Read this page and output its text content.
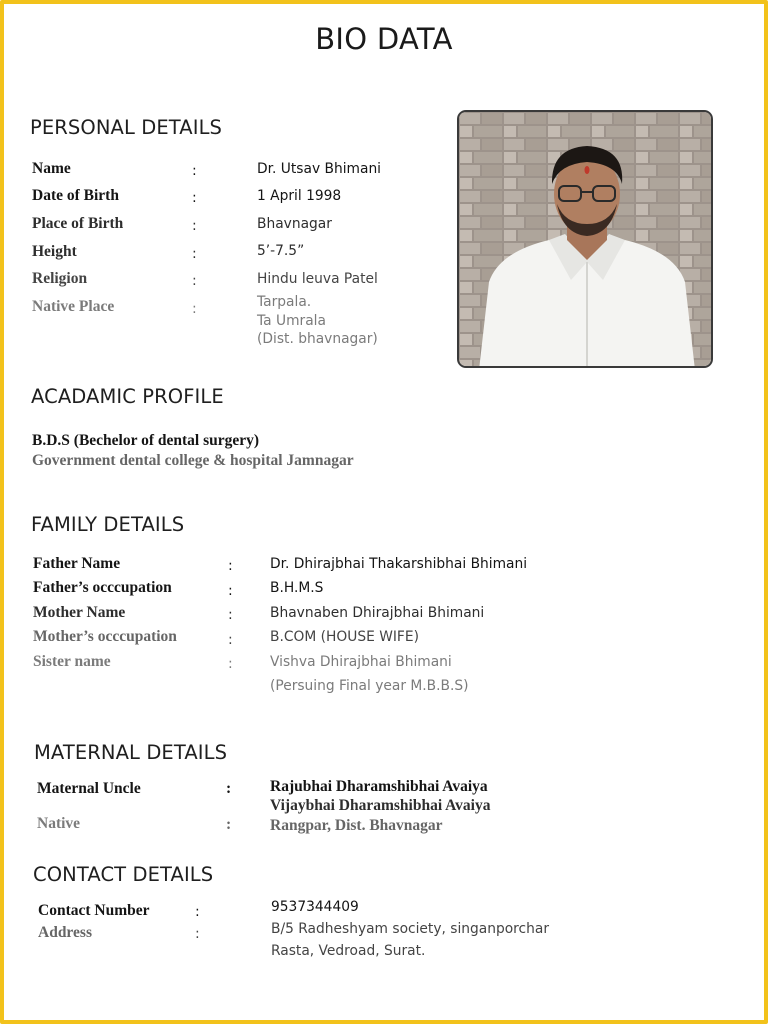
BIO DATA
PERSONAL DETAILS
Name	:	Dr. Utsav Bhimani
Date of Birth	:	1 April 1998
Place of Birth	:	Bhavnagar
Height	:	5’-7.5”
Religion	:	Hindu leuva Patel
Native Place	:	Tarpala.
Ta Umrala
(Dist. bhavnagar)
ACADAMIC PROFILE
B.D.S (Bechelor of dental surgery)
Government dental college & hospital Jamnagar
FAMILY DETAILS
Father Name	:	Dr. Dhirajbhai Thakarshibhai Bhimani
Father’s occcupation	:	B.H.M.S
Mother Name	:	Bhavnaben Dhirajbhai Bhimani
Mother’s occcupation	:	B.COM (HOUSE WIFE)
Sister name	:	Vishva Dhirajbhai Bhimani
(Persuing Final year M.B.B.S)
MATERNAL DETAILS
Maternal Uncle	:	Rajubhai Dharamshibhai Avaiya
Vijaybhai Dharamshibhai Avaiya
Native	:	Rangpar, Dist. Bhavnagar
CONTACT DETAILS
Contact Number	:	9537344409
Address	:	B/5 Radheshyam society, singanporchar
Rasta, Vedroad, Surat.
